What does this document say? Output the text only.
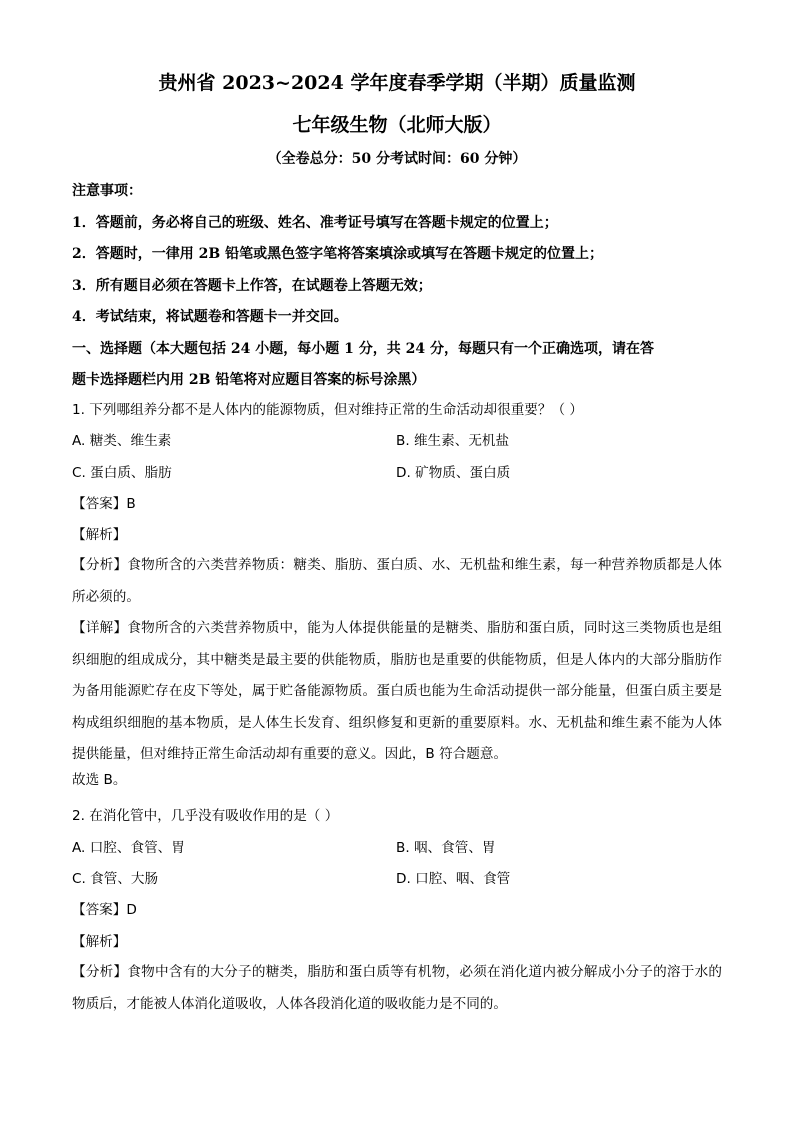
贵州省 2023~2024 学年度春季学期（半期）质量监测
七年级生物（北师大版）
（全卷总分：50 分考试时间：60 分钟）
注意事项：
1．答题前，务必将自己的班级、姓名、准考证号填写在答题卡规定的位置上；
2．答题时，一律用 2B 铅笔或黑色签字笔将答案填涂或填写在答题卡规定的位置上；
3．所有题目必须在答题卡上作答，在试题卷上答题无效；
4．考试结束，将试题卷和答题卡一并交回。
一、选择题（本大题包括 24 小题，每小题 1 分，共 24 分，每题只有一个正确选项，请在答
题卡选择题栏内用 2B 铅笔将对应题目答案的标号涂黑）
1. 下列哪组养分都不是人体内的能源物质，但对维持正常的生命活动却很重要？（ ）
A. 糖类、维生素	B. 维生素、无机盐
C. 蛋白质、脂肪	D. 矿物质、蛋白质
【答案】B
【解析】
【分析】食物所含的六类营养物质：糖类、脂肪、蛋白质、水、无机盐和维生素，每一种营养物质都是人体所必须的。
【详解】食物所含的六类营养物质中，能为人体提供能量的是糖类、脂肪和蛋白质，同时这三类物质也是组织细胞的组成成分，其中糖类是最主要的供能物质，脂肪也是重要的供能物质，但是人体内的大部分脂肪作为备用能源贮存在皮下等处，属于贮备能源物质。蛋白质也能为生命活动提供一部分能量，但蛋白质主要是构成组织细胞的基本物质，是人体生长发育、组织修复和更新的重要原料。水、无机盐和维生素不能为人体提供能量，但对维持正常生命活动却有重要的意义。因此，B 符合题意。
故选 B。
2. 在消化管中，几乎没有吸收作用的是（ ）
A. 口腔、食管、胃	B. 咽、食管、胃
C. 食管、大肠	D. 口腔、咽、食管
【答案】D
【解析】
【分析】食物中含有的大分子的糖类，脂肪和蛋白质等有机物，必须在消化道内被分解成小分子的溶于水的物质后，才能被人体消化道吸收，人体各段消化道的吸收能力是不同的。
